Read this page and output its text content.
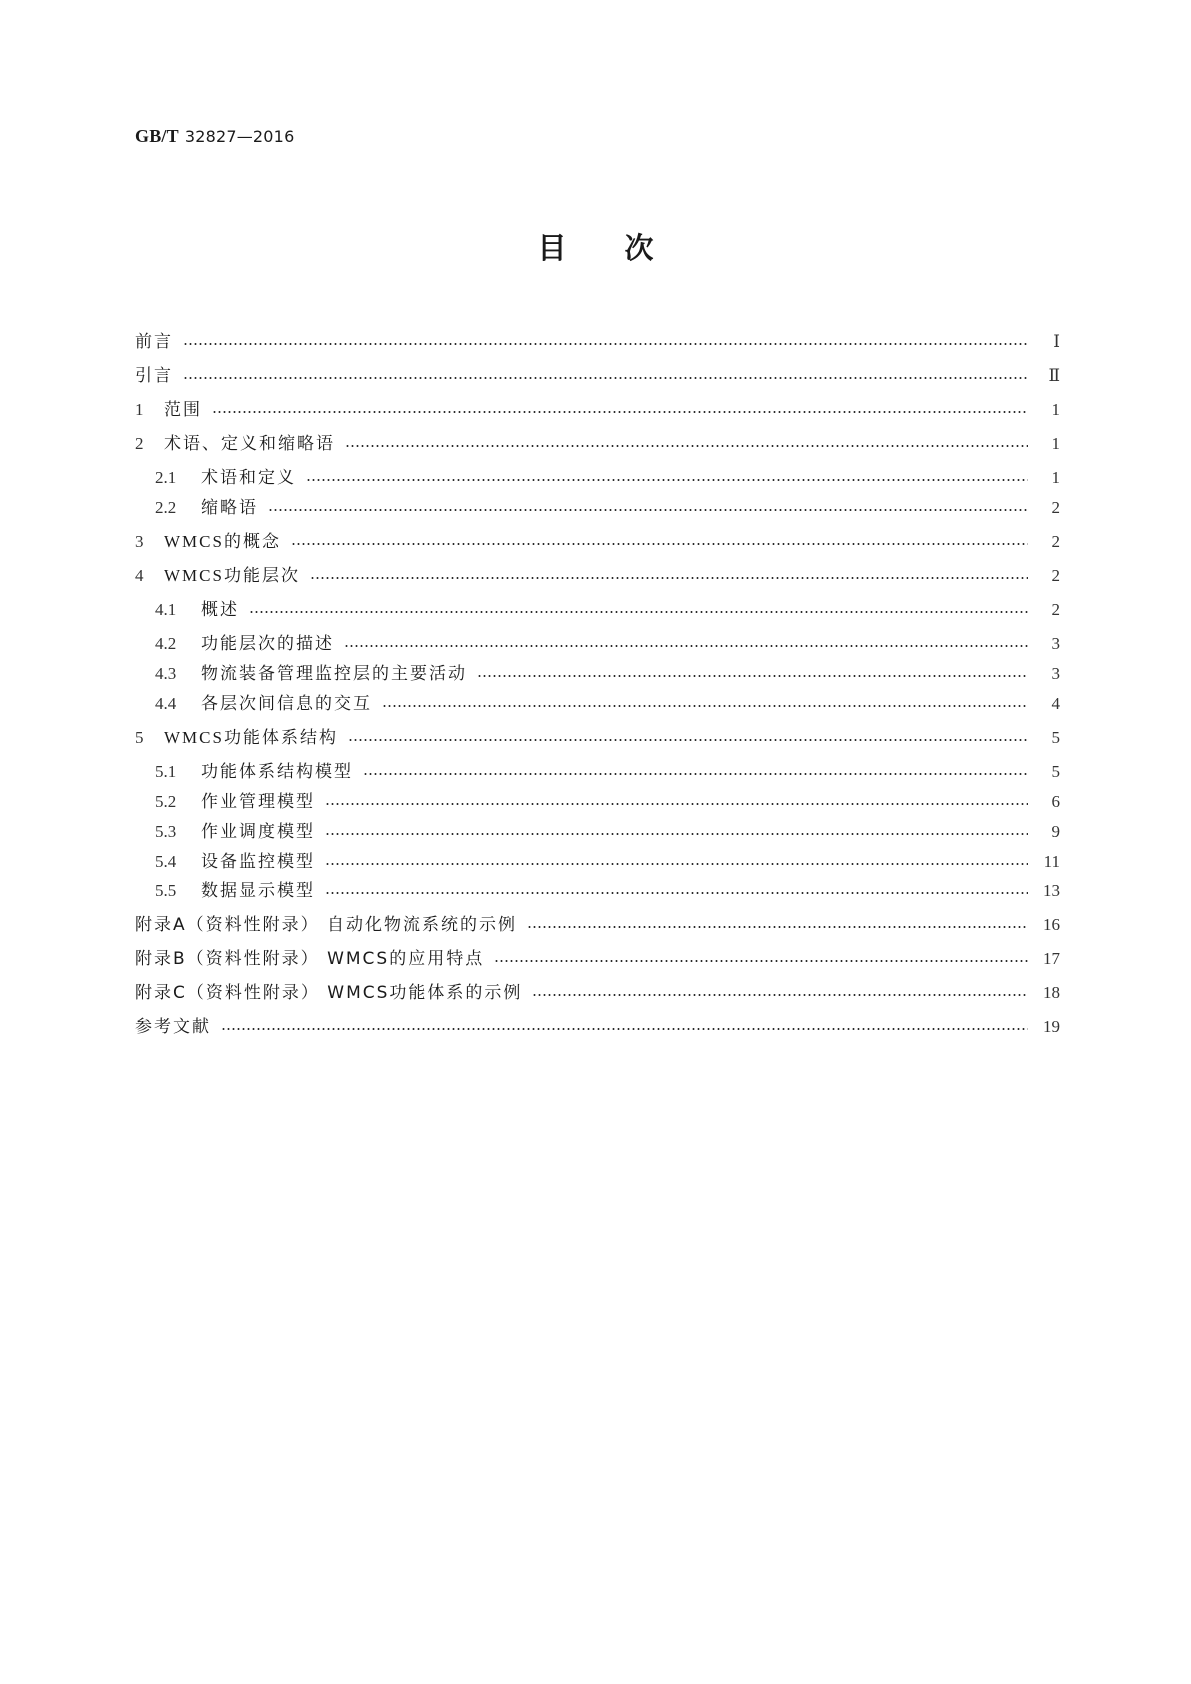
GB/T 32827—2016
目次
前言	Ⅰ
引言	Ⅱ
1	范围	1
2	术语、定义和缩略语	1
2.1	术语和定义	1
2.2	缩略语	2
3	WMCS的概念	2
4	WMCS功能层次	2
4.1	概述	2
4.2	功能层次的描述	3
4.3	物流装备管理监控层的主要活动	3
4.4	各层次间信息的交互	4
5	WMCS功能体系结构	5
5.1	功能体系结构模型	5
5.2	作业管理模型	6
5.3	作业调度模型	9
5.4	设备监控模型	11
5.5	数据显示模型	13
附录A（资料性附录） 自动化物流系统的示例	16
附录B（资料性附录） WMCS的应用特点	17
附录C（资料性附录） WMCS功能体系的示例	18
参考文献	19
